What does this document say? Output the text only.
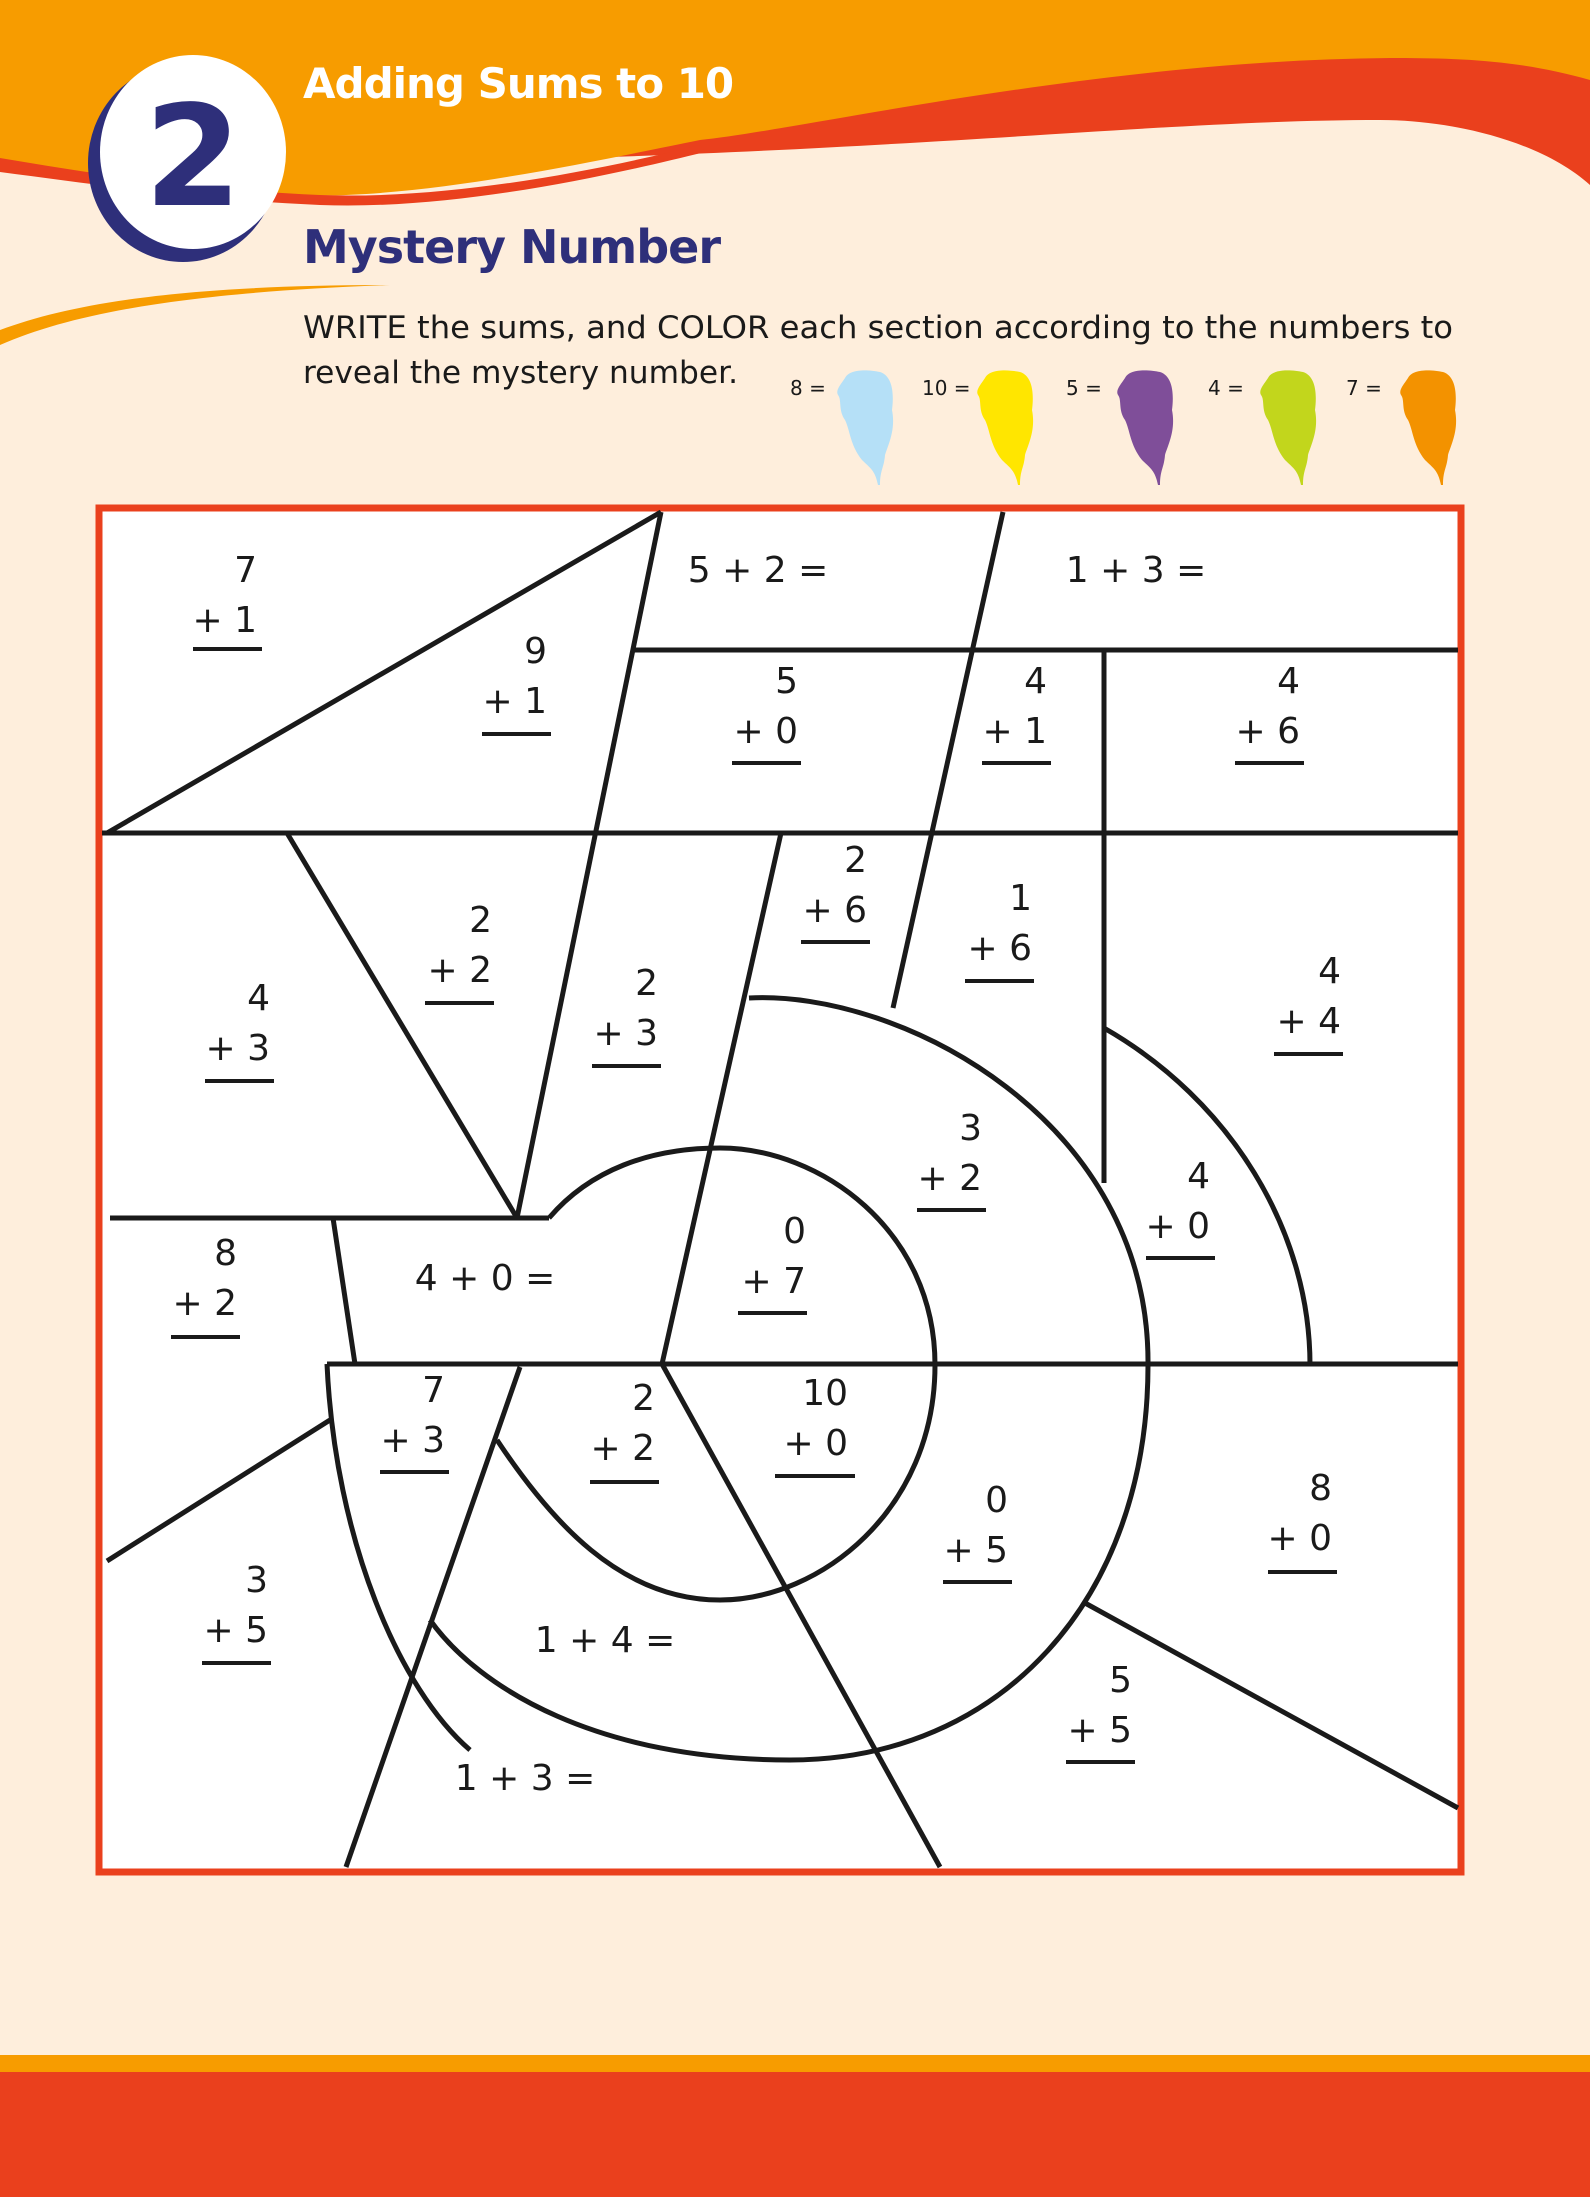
2 Adding Sums to 10
Mystery Number
WRITE the sums, and COLOR each section according to the numbers to
reveal the mystery number.	8 =	10 =	5 =	4 =	7 =
7
+ 1
9
+ 1
5 + 2 =	1 + 3 =
5
+ 0
4
+ 1
4
+ 6
2
+ 6	1
+ 6
2
+ 2
4
+ 3
2
+ 3
4
+ 4
3
+ 2	4
+ 0
0
+ 7
8
+ 2
4 + 0 =
7
+ 3
2
+ 2
10
+ 0
0
+ 5
8
+ 0
3
+ 5	1 + 4 =
5
+ 5
1 + 3 =
